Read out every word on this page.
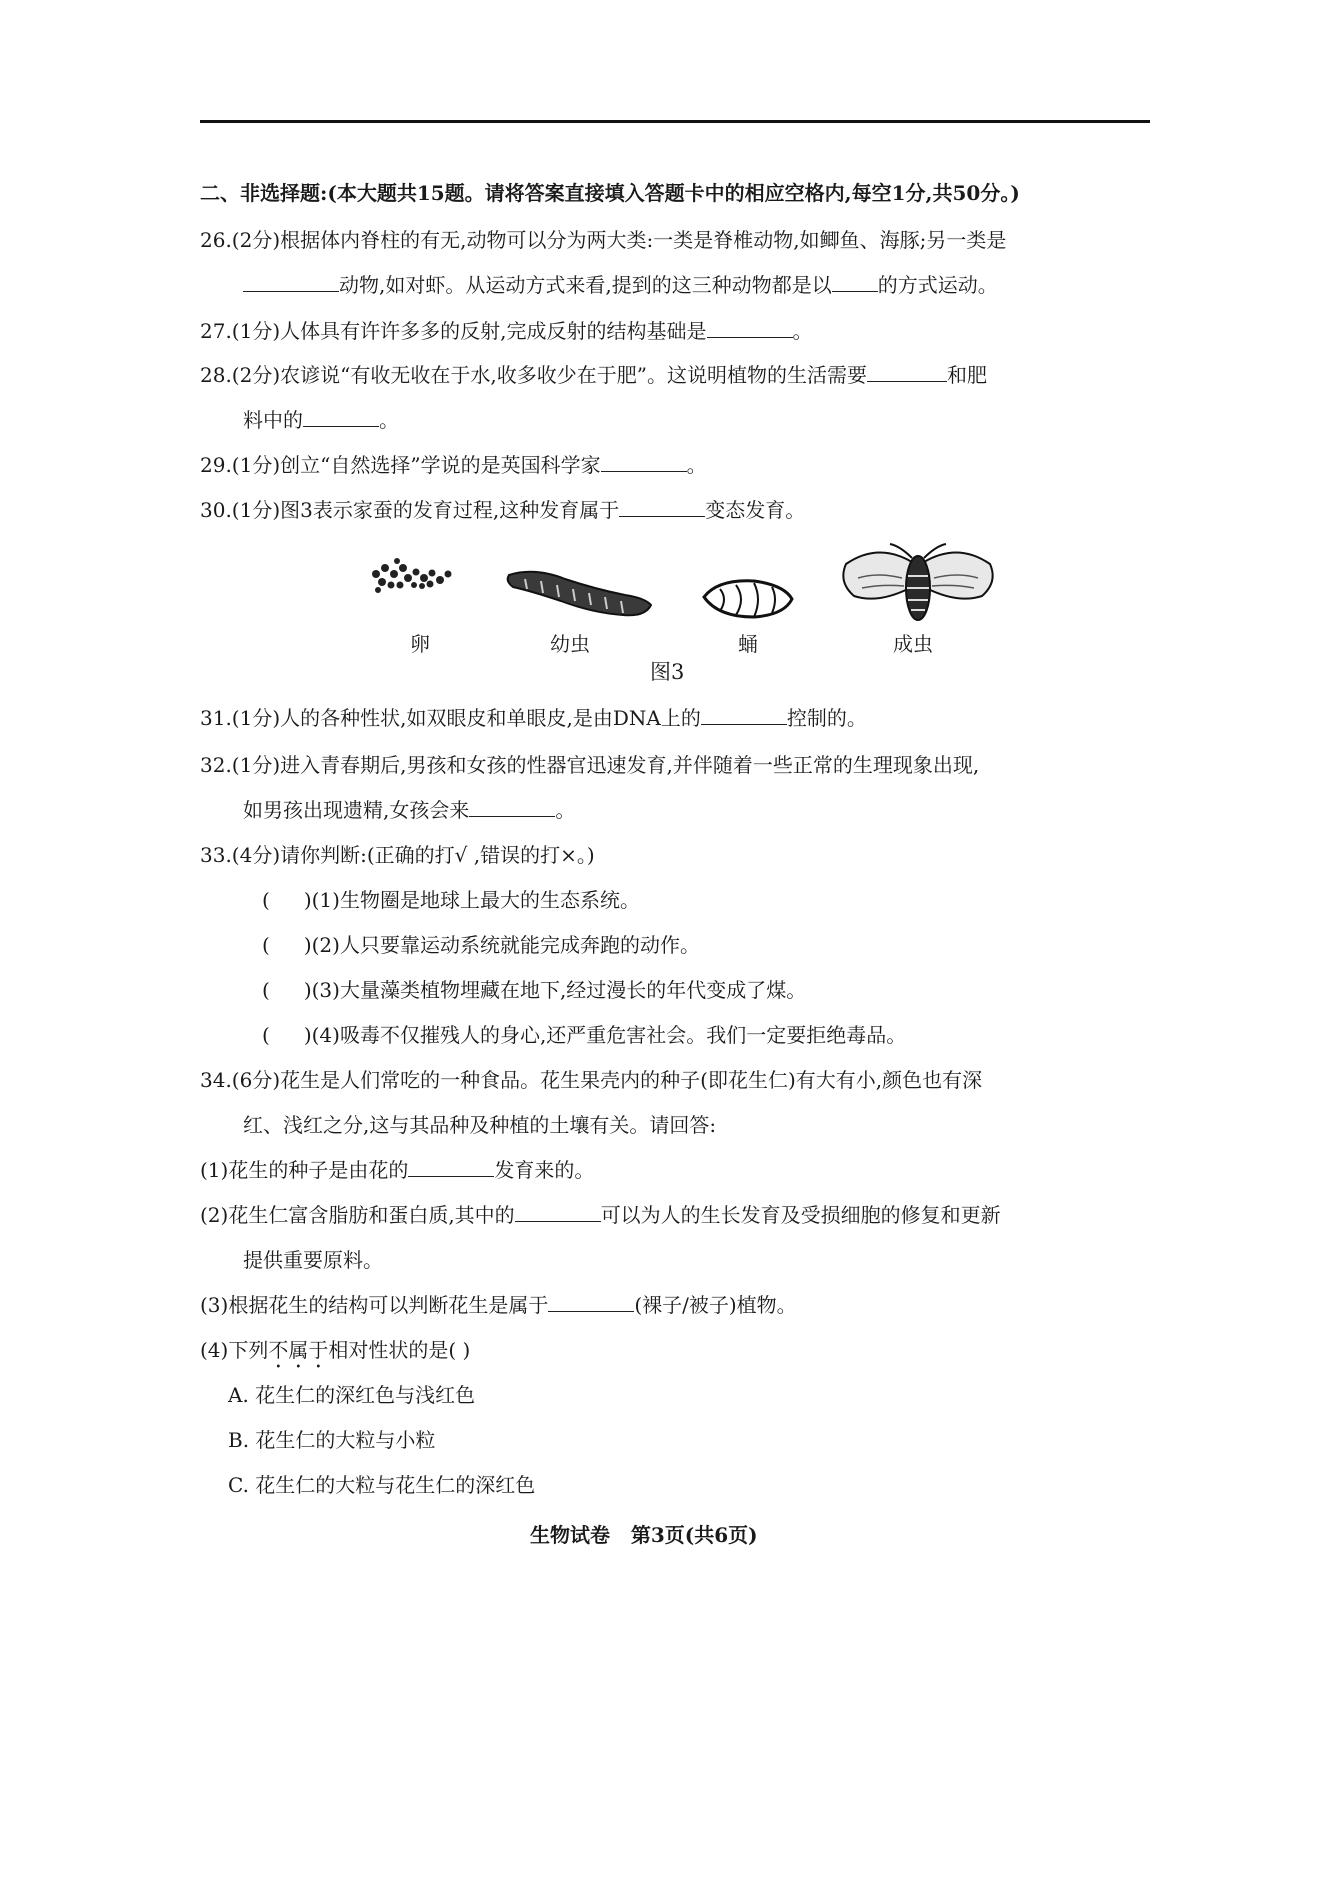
二、非选择题:(本大题共15题。请将答案直接填入答题卡中的相应空格内,每空1分,共50分。)
26.(2分)根据体内脊柱的有无,动物可以分为两大类:一类是脊椎动物,如鲫鱼、海豚;另一类是
动物,如对虾。从运动方式来看,提到的这三种动物都是以 的方式运动。
27.(1分)人体具有许许多多的反射,完成反射的结构基础是	。
28.(2分)农谚说“有收无收在于水,收多收少在于肥”。这说明植物的生活需要	和肥
料中的	。
29.(1分)创立“自然选择”学说的是英国科学家	。
30.(1分)图3表示家蚕的发育过程,这种发育属于	变态发育。
卵	幼虫	蛹	成虫
图3
31.(1分)人的各种性状,如双眼皮和单眼皮,是由DNA上的	控制的。
32.(1分)进入青春期后,男孩和女孩的性器官迅速发育,并伴随着一些正常的生理现象出现,
如男孩出现遗精,女孩会来	。
33.(4分)请你判断:(正确的打√ ,错误的打×。)
( )(1)生物圈是地球上最大的生态系统。
( )(2)人只要靠运动系统就能完成奔跑的动作。
( )(3)大量藻类植物埋藏在地下,经过漫长的年代变成了煤。
( )(4)吸毒不仅摧残人的身心,还严重危害社会。我们一定要拒绝毒品。
34.(6分)花生是人们常吃的一种食品。花生果壳内的种子(即花生仁)有大有小,颜色也有深
红、浅红之分,这与其品种及种植的土壤有关。请回答:
(1)花生的种子是由花的	发育来的。
(2)花生仁富含脂肪和蛋白质,其中的	可以为人的生长发育及受损细胞的修复和更新
提供重要原料。
(3)根据花生的结构可以判断花生是属于	(裸子/被子)植物。
(4)下列不属于相对性状的是( )
A. 花生仁的深红色与浅红色
B. 花生仁的大粒与小粒
C. 花生仁的大粒与花生仁的深红色
生物试卷   第3页(共6页)
